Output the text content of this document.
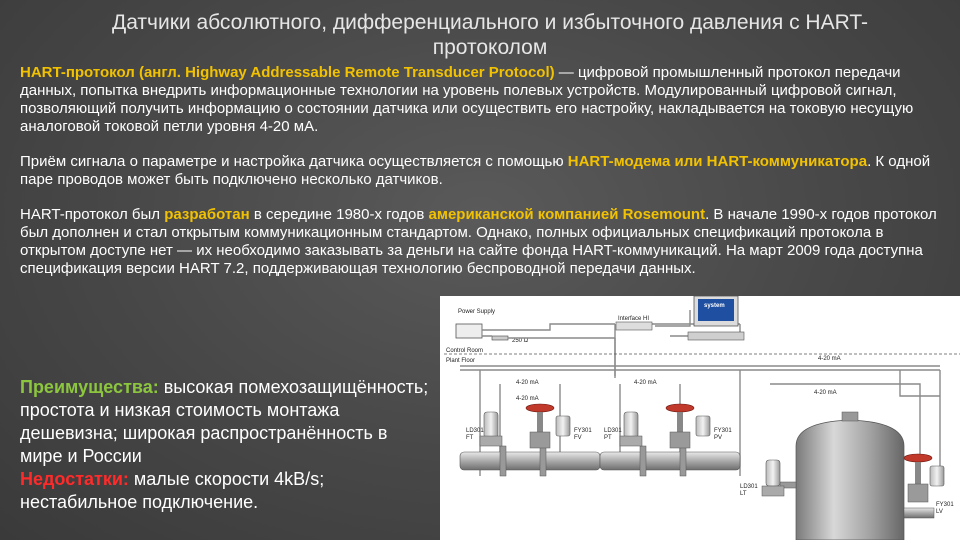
Датчики абсолютного, дифференциального и избыточного давления с HART-протоколом

HART-протокол (англ. Highway Addressable Remote Transducer Protocol) — цифровой промышленный протокол передачи данных, попытка внедрить информационные технологии на уровень полевых устройств. Модулированный цифровой сигнал, позволяющий получить информацию о состоянии датчика или осуществить его настройку, накладывается на токовую несущую аналоговой токовой петли уровня 4-20 мА.

Приём сигнала о параметре и настройка датчика осуществляется с помощью HART-модема или HART-коммуникатора. К одной паре проводов может быть подключено несколько датчиков.

HART-протокол был разработан в середине 1980-х годов американской компанией Rosemount. В начале 1990-х годов протокол был дополнен и стал открытым коммуникационным стандартом. Однако, полных официальных спецификаций протокола в открытом доступе нет — их необходимо заказывать за деньги на сайте фонда HART-коммуникаций. На март 2009 года доступна спецификация версии HART 7.2, поддерживающая технологию беспроводной передачи данных.

Преимущества: высокая помехозащищённость; простота и низкая стоимость монтажа дешевизна; широкая распространённость в мире и России
Недостатки: малые скорости 4kB/s; нестабильное подключение.
Power Supply
250 Ω
Interface HI
system
Control Room
Plant Floor
4-20 mA	4-20 mA
4-20 mA
4-20 mA
4-20 mA
LD301
FT
FY301
FV
LD301
PT
FY301
PV
LD301
LT
FY301
LV
